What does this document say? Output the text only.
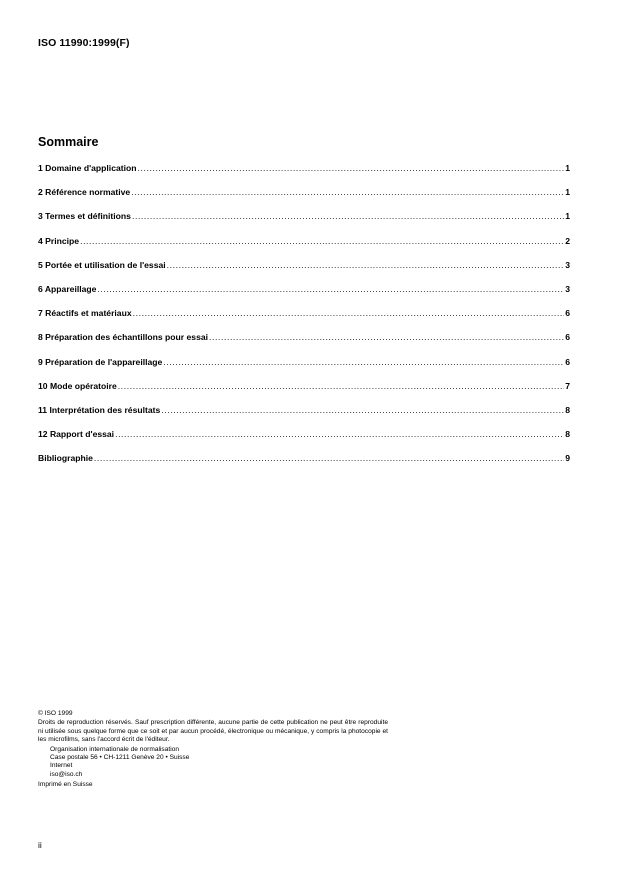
ISO 11990:1999(F)
Sommaire
1 Domaine d'application .....	1
2 Référence normative .....	1
3 Termes et définitions .....	1
4 Principe .....	2
5 Portée et utilisation de l'essai .....	3
6 Appareillage .....	3
7 Réactifs et matériaux .....	6
8 Préparation des échantillons pour essai .....	6
9 Préparation de l'appareillage .....	6
10 Mode opératoire .....	7
11 Interprétation des résultats .....	8
12 Rapport d'essai .....	8
Bibliographie .....	9
© ISO 1999
Droits de reproduction réservés. Sauf prescription différente, aucune partie de cette publication ne peut être reproduite ni utilisée sous quelque forme que ce soit et par aucun procédé, électronique ou mécanique, y compris la photocopie et les microfilms, sans l'accord écrit de l'éditeur.
Organisation internationale de normalisation
Case postale 56 • CH-1211 Genève 20 • Suisse
Internet
iso@iso.ch
Imprimé en Suisse
ii
